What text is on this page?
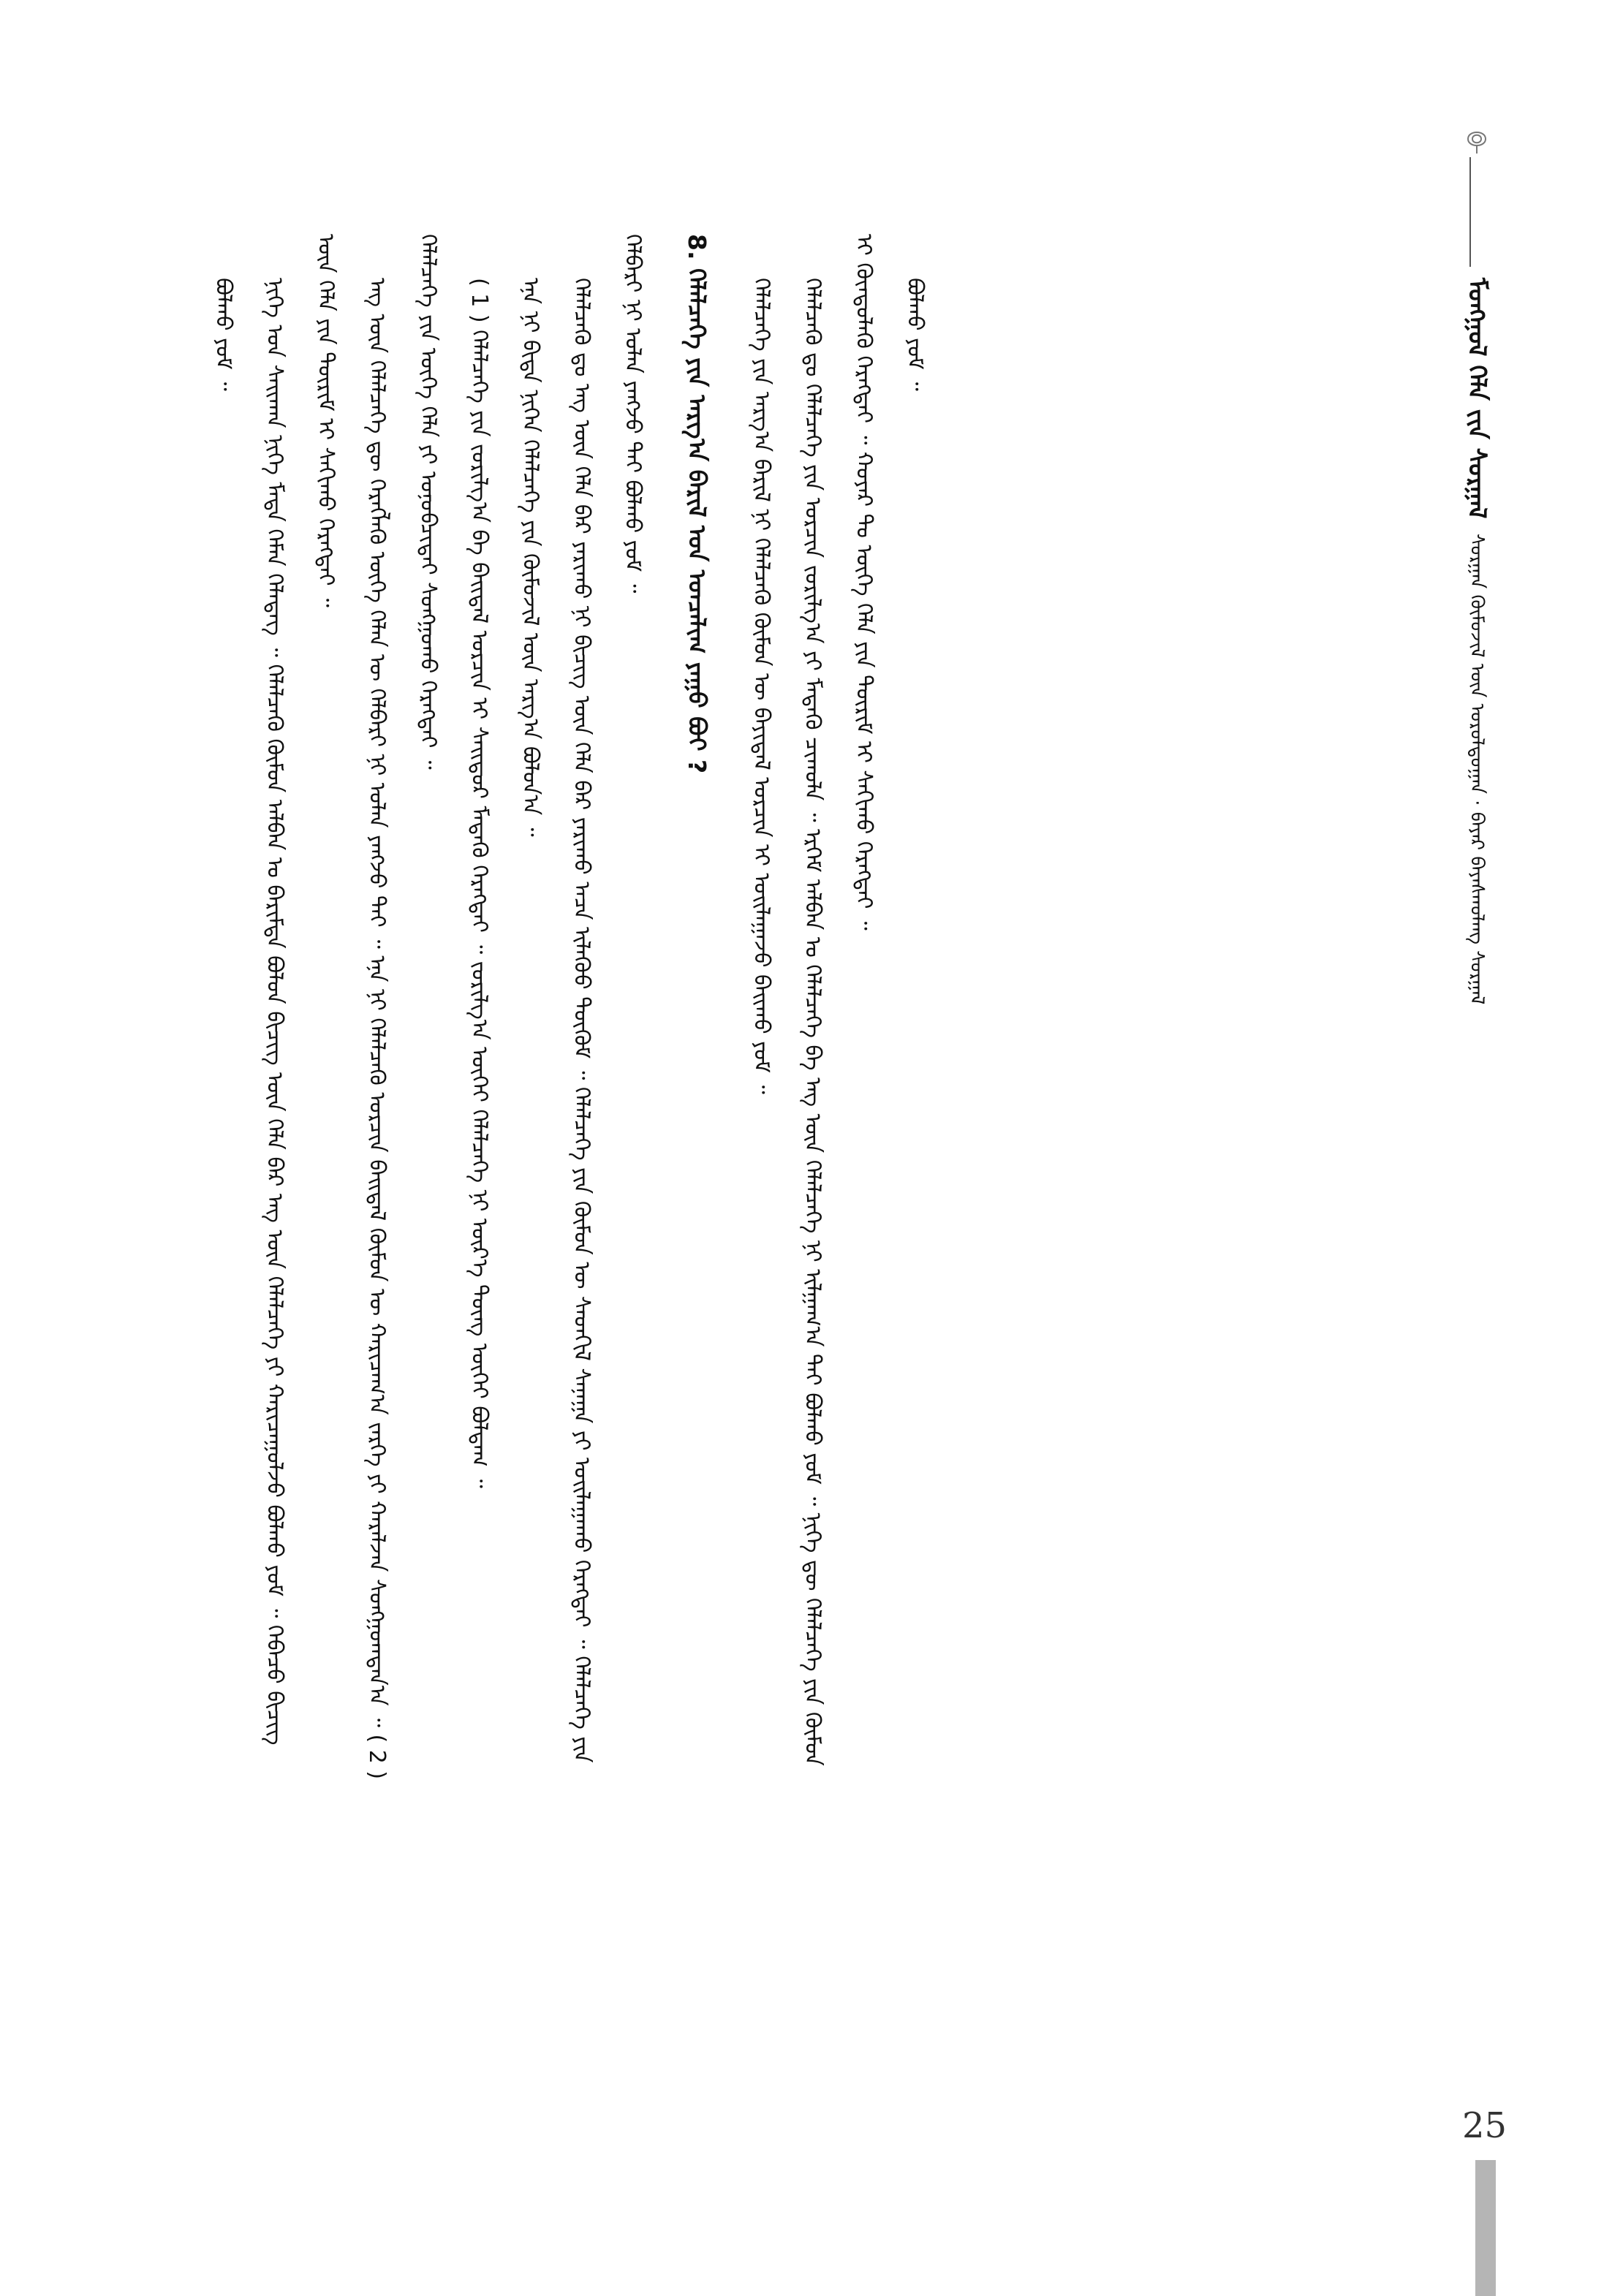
ᠮᠣᠩᠭᠣᠯ ᠬᠡᠯᠡ ᠵᠢᠨ ᠰᠤᠷᠭᠠᠯ ᠰᠤᠷᠭᠠᠨ ᠬᠥᠮᠦᠵᠢᠯ ᠦᠨ ᠤᠷᠤᠯᠳᠤᠭᠠᠨ · ᠪᠠᠶᠠᠷ ᠪᠠᠶᠠᠰᠬᠤᠯᠠᠩ ᠰᠤᠷᠭᠠᠯ

ᠪᠣᠯᠬᠤ ᠶᠤᠮ ᠃	ᠨᠢᠭᠡ ᠤᠨ ᠰᠠᠢᠬᠠᠨ ᠨᠢᠭᠡ ᠮᠡᠳᠡ ᠬᠡᠮᠡᠨ ᠬᠡᠯᠡᠳᠡᠭ ᠃ ᠬᠡᠯᠡᠯᠴᠡᠬᠦ ᠬᠥᠮᠦᠨ ᠠᠯᠪᠠᠨ ᠤ ᠪᠠᠷᠢᠮᠲᠠ ᠪᠣᠯᠤᠨ ᠪᠢᠴᠢᠭ ᠦᠨ ᠬᠡᠯᠡ ᠪᠡᠷ ᠡᠩ ᠦᠨ ᠬᠡᠯᠡᠯᠴᠡᠭᠡ ᠶᠢ ᠬᠠᠷᠢᠴᠠᠭᠤᠯᠵᠤ ᠪᠣᠯᠬᠤ ᠶᠤᠮ ᠃ ᠭᠡᠪᠡᠴᠦ ᠪᠢᠴᠢᠭ ᠦᠨ ᠬᠡᠯᠡ ᠶᠢᠨ ᠳᠦᠷᠢᠮ ᠢ ᠰᠠᠬᠢᠬᠤ ᠬᠡᠷᠡᠭᠲᠡᠢ ᠃	ᠡᠩ ᠦᠨ ᠬᠡᠯᠡᠯᠴᠡᠭᠡ ᠳᠦ ᠬᠡᠷᠡᠭᠯᠡᠬᠦ ᠦᠭᠡ ᠬᠡᠯᠡᠨ ᠦ ᠬᠡᠯᠪᠡᠷᠢ ᠨᠢ ᠣᠯᠠᠨ ᠶᠠᠩᠵᠤ ᠲᠠᠢ ᠃ ᠡᠨᠡ ᠨᠢ ᠬᠡᠯᠡᠯᠴᠡᠬᠦ ᠣᠷᠴᠢᠨ ᠪᠠᠢᠳᠠᠯ ᠬᠥᠮᠦᠨ ᠦ ᠬᠠᠷᠢᠴᠠᠭ᠎ᠠ ᠵᠡᠷᠭᠡ ᠶᠢ ᠬᠠᠷᠠᠯᠵᠠᠨ ᠰᠣᠩᠭᠣᠭᠳᠠᠨ᠎ᠠ ᠃ ( 2 ) ᠬᠡᠯᠡᠯᠴᠡᠭᠡ ᠶᠢᠨ ᠦᠭᠡ ᠬᠡᠯᠡ ᠶᠢ ᠣᠨᠣᠪᠴᠢᠲᠠᠢ ᠰᠣᠩᠭᠣᠬᠤ ᠬᠡᠷᠡᠭᠲᠡᠢ ᠃	( 1 ) ᠬᠡᠯᠡᠯᠴᠡᠭᠡ ᠶᠢᠨ ᠵᠣᠷᠢᠯᠭ᠎ᠠ ᠪᠠ ᠪᠠᠢᠳᠠᠯ ᠣᠷᠴᠢᠨ ᠢ ᠰᠠᠢᠲᠤᠷ ᠮᠡᠳᠡᠬᠦ ᠬᠡᠷᠡᠭᠲᠡᠢ ᠃ ᠵᠣᠷᠢᠯᠭ᠎ᠠ ᠦᠭᠡᠢ ᠬᠡᠯᠡᠯᠴᠡᠭᠡ ᠨᠢ ᠦᠷ᠎ᠡ ᠳᠦᠩ ᠦᠭᠡᠢ ᠪᠣᠯᠳᠠᠭ ᠃	ᠡᠨᠡ ᠨᠢ ᠪᠢᠳᠡ ᠨᠢᠭᠡᠨ ᠬᠡᠯᠡᠯᠴᠡᠭᠡ ᠶᠢᠨ ᠬᠥᠮᠦᠵᠢᠯ ᠦᠨ ᠠᠷᠭ᠎ᠠ ᠪᠣᠯᠤᠨ᠎ᠠ ᠃	ᠬᠡᠯᠡᠯᠴᠡᠬᠦ ᠳᠤ ᠡᠩ ᠦᠨ ᠬᠡᠯᠡ ᠪᠡᠷ ᠶᠠᠷᠢᠬᠤ ᠨᠢ ᠪᠢᠴᠢᠭ ᠦᠨ ᠬᠡᠯᠡ ᠪᠡᠷ ᠶᠠᠷᠢᠬᠤ ᠠᠴᠠ ᠢᠯᠡᠭᠦᠦ ᠳᠥᠬᠦᠮ ᠃ ᠬᠡᠯᠡᠯᠴᠡᠭᠡ ᠶᠢᠨ ᠬᠥᠮᠦᠨ ᠦ ᠰᠡᠳᠬᠢᠯ ᠰᠠᠨᠠᠭᠠ ᠶᠢ ᠣᠢᠯᠠᠭᠠᠬᠤ ᠬᠡᠷᠡᠭᠲᠡᠢ ᠃ ᠬᠡᠯᠡᠯᠴᠡᠭᠡ ᠶᠢᠨ ᠬᠡᠯᠪᠡᠷᠢ ᠨᠢ ᠣᠯᠠᠨ ᠶᠠᠩᠵᠤ ᠲᠠᠢ ᠪᠣᠯᠬᠤ ᠶᠤᠮ ᠃	8. ᠬᠡᠯᠡᠯᠴᠡᠭᠡ ᠶᠢᠨ ᠠᠷᠭ᠎ᠠ ᠪᠠᠷᠢᠯ ᠤᠨ ᠣᠨᠴᠠᠯᠢᠭ ᠶᠠᠭᠤ ᠪᠤᠢ ?	ᠬᠡᠯᠡᠯᠴᠡᠭᠡ ᠶᠢᠨ ᠠᠷᠭ᠎ᠠ ᠪᠠᠷᠢᠯ ᠨᠢ ᠬᠡᠯᠡᠯᠴᠡᠬᠦ ᠬᠥᠮᠦᠨ ᠦ ᠪᠠᠶᠢᠳᠠᠯ ᠣᠷᠴᠢᠨ ᠢ ᠣᠢᠯᠠᠭᠠᠵᠤ ᠪᠠᠢᠬᠤ ᠶᠤᠮ ᠃	ᠬᠡᠯᠡᠯᠴᠡᠬᠦ ᠳᠤ ᠬᠡᠯᠡᠯᠴᠡᠭᠡ ᠶᠢᠨ ᠣᠷᠴᠢᠨ ᠵᠣᠷᠢᠯᠭ᠎ᠠ ᠶᠢ ᠮᠡᠳᠡᠬᠦ ᠴᠢᠬᠤᠯᠠ ᠃ ᠡᠷᠭᠡᠮ ᠠᠯᠪᠠᠨ ᠤ ᠬᠡᠯᠡᠯᠴᠡᠭᠡ ᠪᠠ ᠡᠩ ᠦᠨ ᠬᠡᠯᠡᠯᠴᠡᠭᠡ ᠨᠢ ᠢᠯᠭᠠᠭ᠎ᠠ ᠲᠠᠢ ᠪᠣᠯᠬᠤ ᠶᠤᠮ ᠃ ᠨᠢᠭᠡ ᠳᠦ ᠬᠡᠯᠡᠯᠴᠡᠭᠡ ᠶᠢᠨ ᠬᠥᠮᠦᠨ ᠢ ᠬᠦᠨᠳᠦᠯᠡᠬᠦ ᠬᠡᠷᠡᠭᠲᠡᠢ ᠃ ᠬᠣᠶᠠᠷ ᠲᠤ ᠦᠭᠡ ᠬᠡᠯᠡ ᠶᠢᠨ ᠳᠦᠷᠢᠮ ᠢ ᠰᠠᠬᠢᠬᠤ ᠬᠡᠷᠡᠭᠲᠡᠢ ᠃	ᠪᠣᠯᠬᠤ ᠶᠤᠮ ᠃

25
